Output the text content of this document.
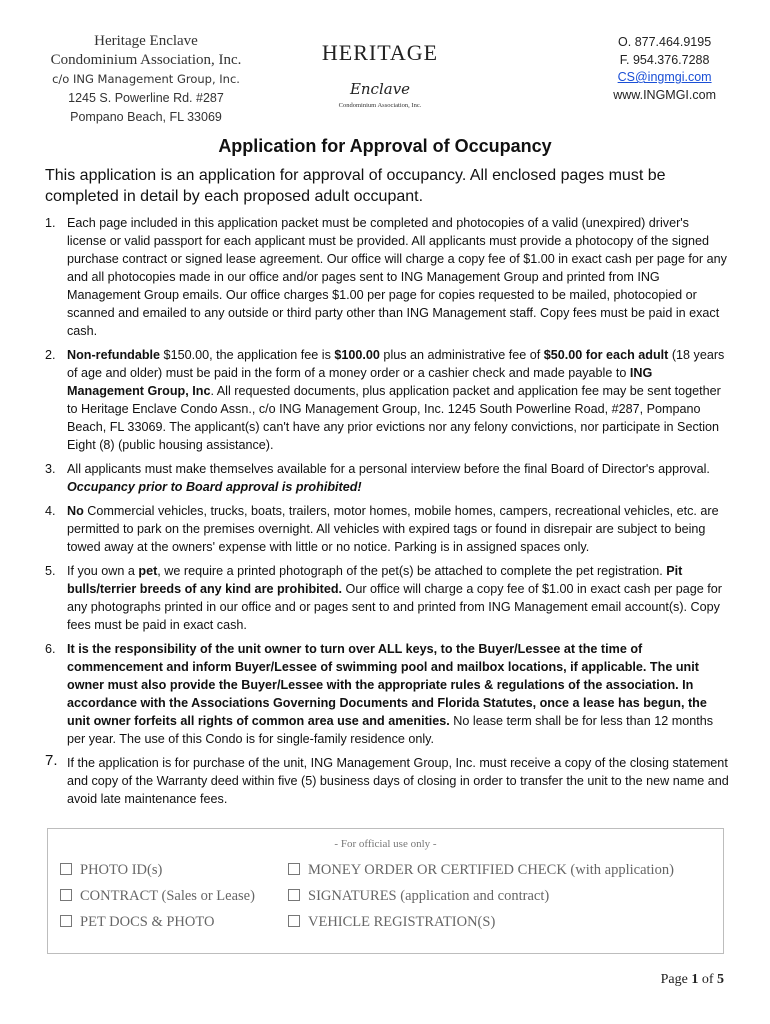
Heritage Enclave
Condominium Association, Inc.
c/o ING Management Group, Inc.
1245 S. Powerline Rd. #287
Pompano Beach, FL 33069
HERITAGE
Enclave
Condominium Association, Inc.
O. 877.464.9195
F. 954.376.7288
CS@ingmgi.com
www.INGMGI.com
Application for Approval of Occupancy
This application is an application for approval of occupancy. All enclosed pages must be completed in detail by each proposed adult occupant.
1. Each page included in this application packet must be completed and photocopies of a valid (unexpired) driver's license or valid passport for each applicant must be provided. All applicants must provide a photocopy of the signed purchase contract or signed lease agreement. Our office will charge a copy fee of $1.00 in exact cash per page for any and all photocopies made in our office and/or pages sent to ING Management Group and printed from ING Management Group emails. Our office charges $1.00 per page for copies requested to be mailed, photocopied or scanned and emailed to any outside or third party other than ING Management staff. Copy fees must be paid in exact cash.
2. Non-refundable $150.00, the application fee is $100.00 plus an administrative fee of $50.00 for each adult (18 years of age and older) must be paid in the form of a money order or a cashier check and made payable to ING Management Group, Inc. All requested documents, plus application packet and application fee may be sent together to Heritage Enclave Condo Assn., c/o ING Management Group, Inc. 1245 South Powerline Road, #287, Pompano Beach, FL 33069. The applicant(s) can't have any prior evictions nor any felony convictions, nor participate in Section Eight (8) (public housing assistance).
3. All applicants must make themselves available for a personal interview before the final Board of Director's approval.
Occupancy prior to Board approval is prohibited!
4. No Commercial vehicles, trucks, boats, trailers, motor homes, mobile homes, campers, recreational vehicles, etc. are permitted to park on the premises overnight. All vehicles with expired tags or found in disrepair are subject to being towed away at the owners' expense with little or no notice. Parking is in assigned spaces only.
5. If you own a pet, we require a printed photograph of the pet(s) be attached to complete the pet registration. Pit bulls/terrier breeds of any kind are prohibited. Our office will charge a copy fee of $1.00 in exact cash per page for any photographs printed in our office and or pages sent to and printed from ING Management email account(s). Copy fees must be paid in exact cash.
6. It is the responsibility of the unit owner to turn over ALL keys, to the Buyer/Lessee at the time of commencement and inform Buyer/Lessee of swimming pool and mailbox locations, if applicable. The unit owner must also provide the Buyer/Lessee with the appropriate rules & regulations of the association. In accordance with the Associations Governing Documents and Florida Statutes, once a lease has begun, the unit owner forfeits all rights of common area use and amenities. No lease term shall be for less than 12 months per year. The use of this Condo is for single-family residence only.
7. If the application is for purchase of the unit, ING Management Group, Inc. must receive a copy of the closing statement and copy of the Warranty deed within five (5) business days of closing in order to transfer the unit to the new name and avoid late maintenance fees.
- For official use only -
PHOTO ID(s)	MONEY ORDER OR CERTIFIED CHECK (with application)
CONTRACT (Sales or Lease)	SIGNATURES (application and contract)
PET DOCS & PHOTO	VEHICLE REGISTRATION(S)
Page 1 of 5
